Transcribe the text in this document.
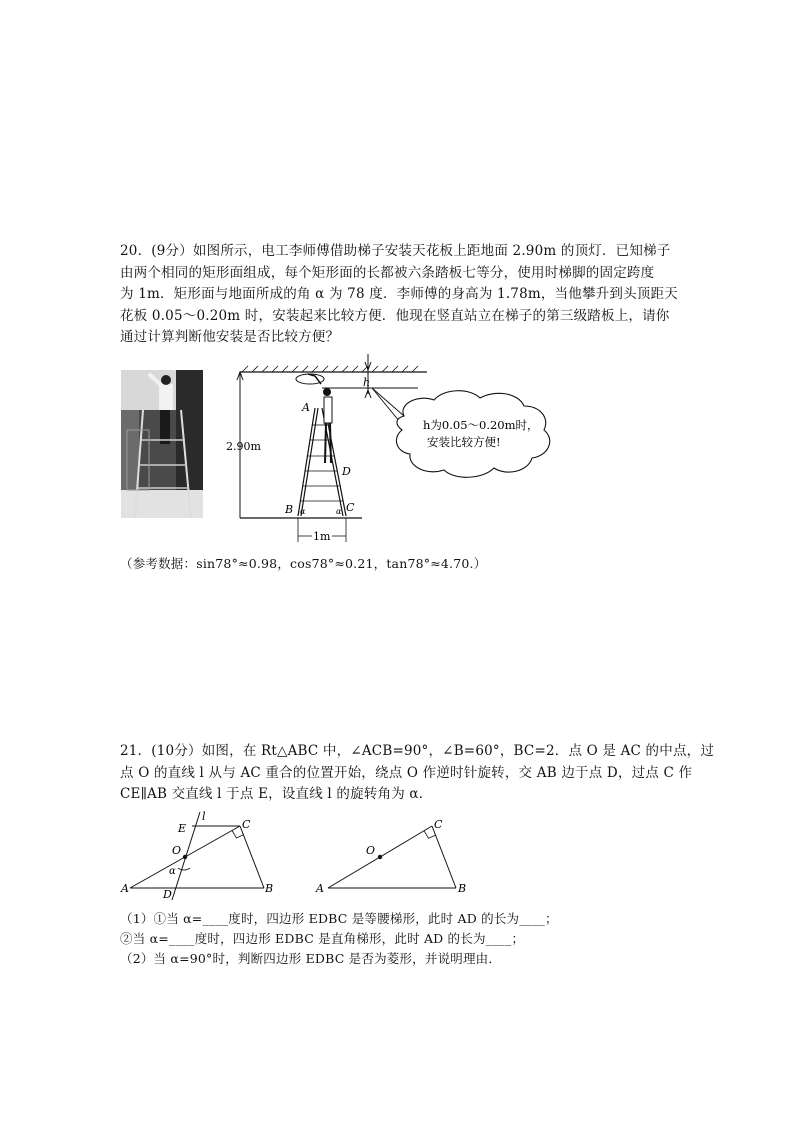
20．(9分）如图所示，电工李师傅借助梯子安装天花板上距地面 2.90m 的顶灯．已知梯子
由两个相同的矩形面组成，每个矩形面的长都被六条踏板七等分，使用时梯脚的固定跨度
为 1m．矩形面与地面所成的角 α 为 78 度．李师傅的身高为 1.78m，当他攀升到头顶距天
花板 0.05～0.20m 时，安装起来比较方便．他现在竖直站立在梯子的第三级踏板上，请你
通过计算判断他安装是否比较方便？
h
2.90m
A
D
B	C
α	α
1m
h为0.05～0.20m时，
安装比较方便!
（参考数据：sin78°≈0.98，cos78°≈0.21，tan78°≈4.70.）
21．(10分）如图，在 Rt△ABC 中，∠ACB=90°，∠B=60°，BC=2．点 O 是 AC 的中点，过
点 O 的直线 l 从与 AC 重合的位置开始，绕点 O 作逆时针旋转，交 AB 边于点 D，过点 C 作
CE∥AB 交直线 l 于点 E，设直线 l 的旋转角为 α．
l
E	C
O
α
A	D	B
O
C
A	B
（1）①当 α=____度时，四边形 EDBC 是等腰梯形，此时 AD 的长为____；
②当 α=____度时，四边形 EDBC 是直角梯形，此时 AD 的长为____；
（2）当 α=90°时，判断四边形 EDBC 是否为菱形，并说明理由．
